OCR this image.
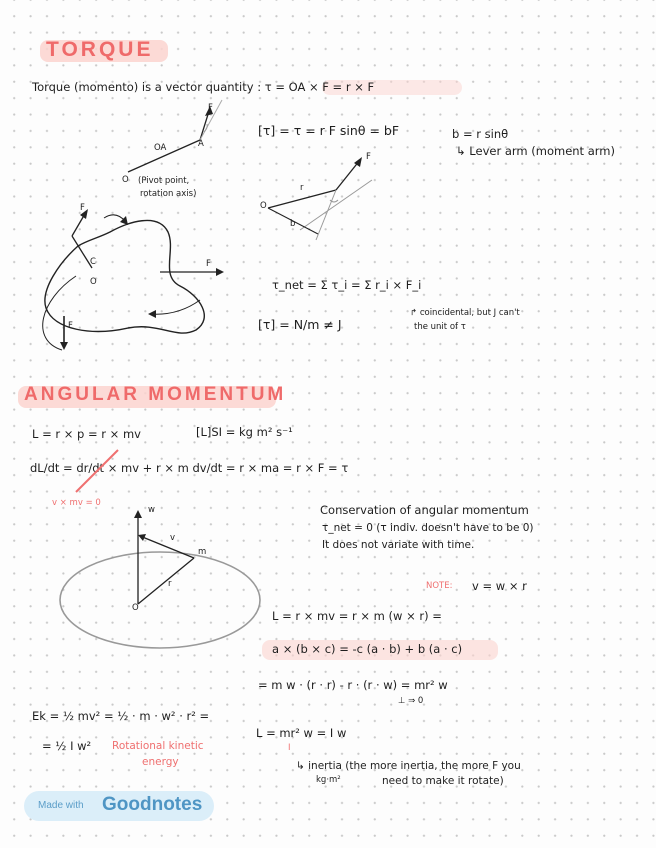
TORQUE
Torque (momento) is a vector quantity : τ = OA × F = r × F
[τ] = τ = r F sinθ = bF	b = r sinθ
↳ Lever arm (moment arm)
F
A
OA
O (Pivot point,
rotation axis)
O
r
F
b
F
C
O
F
F
τ_net = Σ τ_i = Σ r_i × F_i
[τ] = N/m ≠ J
↱ coincidental, but J can't
the unit of τ
ANGULAR MOMENTUM
L = r × p = r × mv	[L]SI = kg m² s⁻¹
dL/dt = dr/dt × mv + r × m dv/dt = r × ma = r × F = τ
v × mv = 0
w
v
m
r
O
Conservation of angular momentum
τ_net = 0 (τ indiv. doesn't have to be 0)
It does not variate with time.
NOTE: v = w × r
L = r × mv = r × m (w × r) =
a × (b × c) = -c (a · b) + b (a · c)
= m w · (r · r) - r · (r · w) = mr² w
⊥ ⇒ 0
Ek = ½ mv² = ½ · m · w² · r² =
= ½ I w² Rotational kinetic
energy
L = mr² w = I w
I
↳ inertia (the more inertia, the more F you
kg·m²	need to make it rotate)
Made with Goodnotes
